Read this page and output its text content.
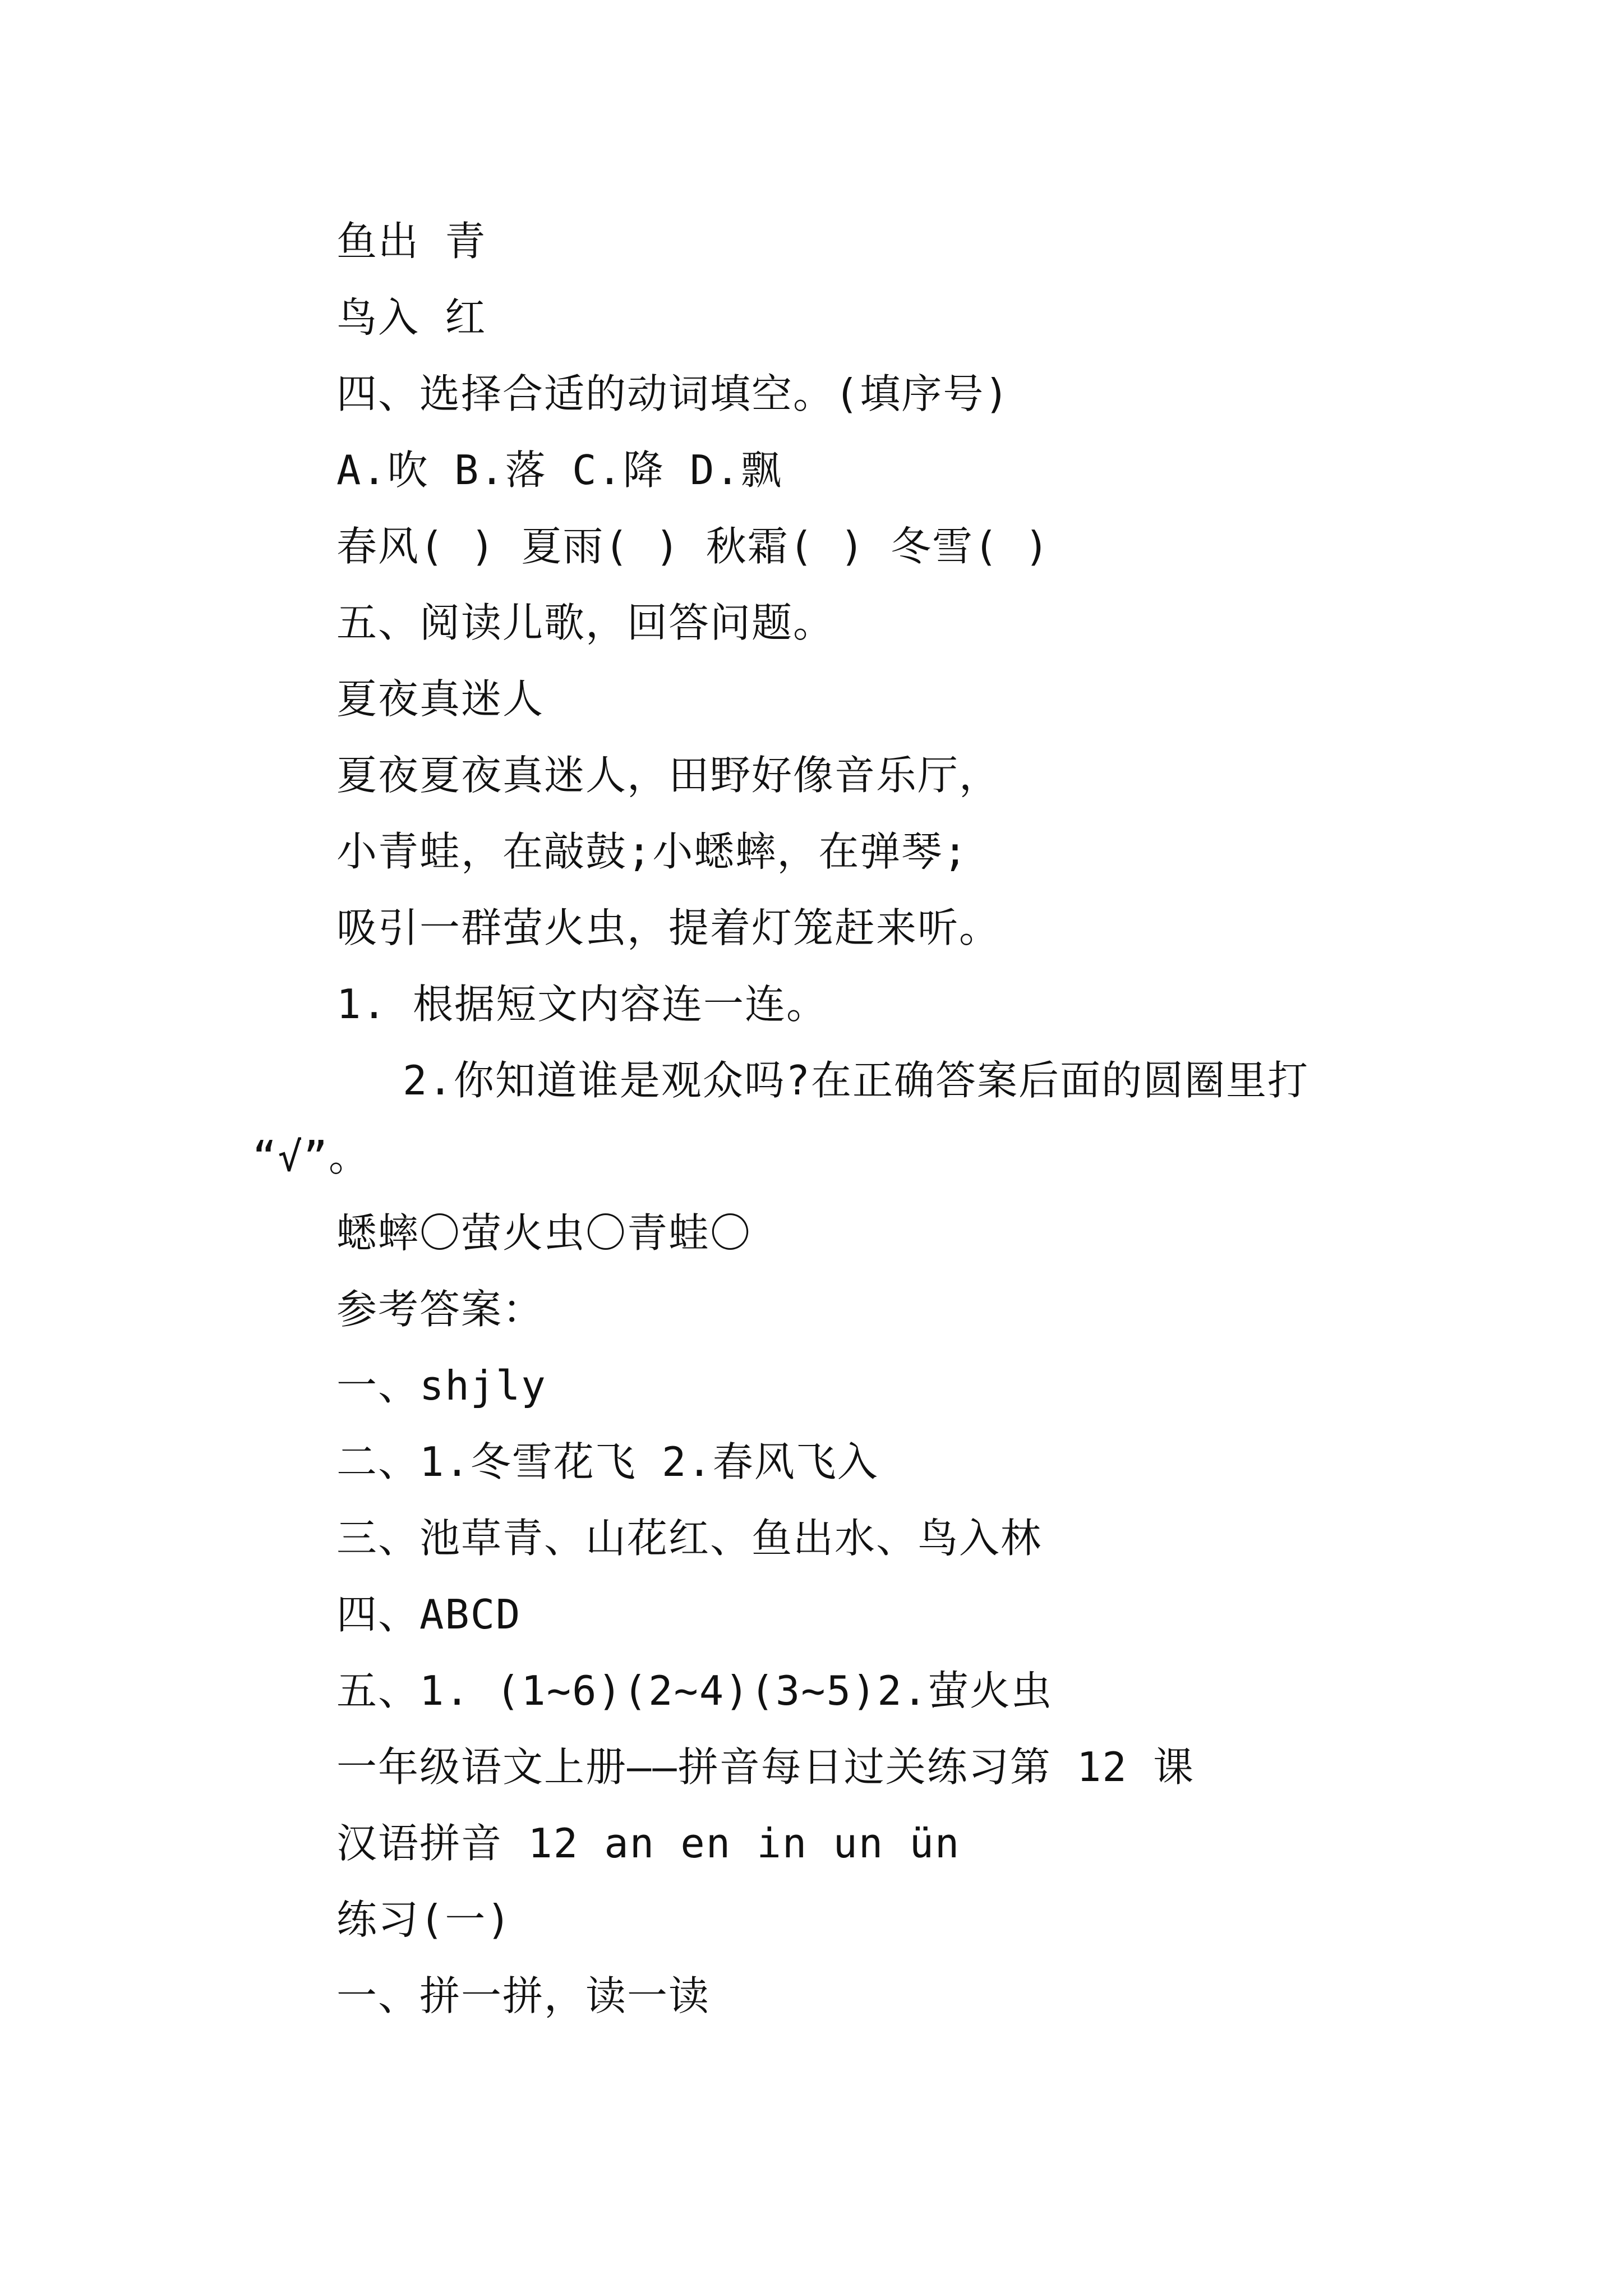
鱼出 青
鸟入 红
四、选择合适的动词填空。(填序号)
A.吹 B.落 C.降 D.飘
春风( ) 夏雨( ) 秋霜( ) 冬雪( )
五、阅读儿歌，回答问题。
夏夜真迷人
夏夜夏夜真迷人，田野好像音乐厅，
小青蛙，在敲鼓;小蟋蟀，在弹琴;
吸引一群萤火虫，提着灯笼赶来听。
1. 根据短文内容连一连。
2.你知道谁是观众吗?在正确答案后面的圆圈里打
“√”。
蟋蟀〇萤火虫〇青蛙〇
参考答案：
一、shjly
二、1.冬雪花飞 2.春风飞入
三、池草青、山花红、鱼出水、鸟入林
四、ABCD
五、1. (1~6)(2~4)(3~5)2.萤火虫
一年级语文上册——拼音每日过关练习第 12 课
汉语拼音 12 an en in un ün
练习(一)
一、拼一拼，读一读
